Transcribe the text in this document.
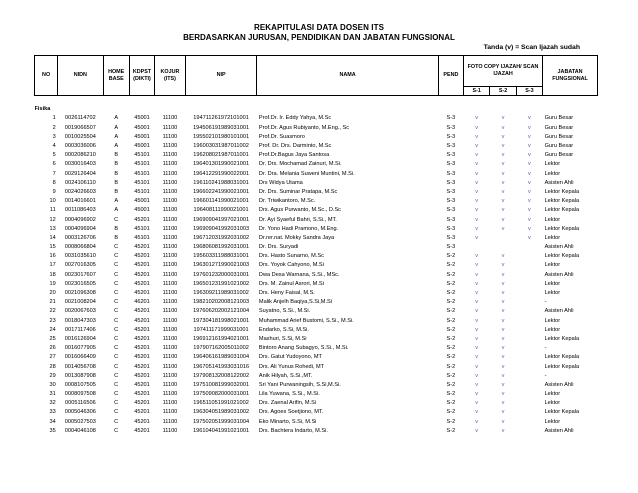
REKAPITULASI DATA DOSEN ITS
BERDASARKAN JURUSAN, PENDIDIKAN DAN JABATAN FUNGSIONAL
Tanda (v) = Scan Ijazah sudah
NO	NIDN	HOME BASE	KDPST (DIKTI)	KOJUR (ITS)	NIP	NAMA	PEND	FOTO COPY IJAZAH/ SCAN IJAZAH			JABATAN FUNGSIONAL
								S-1	S-2	S-3	

Fisika											
1	0026114702	A	45001	11100	194711261972101001	Prof.Dr. Ir. Eddy Yahya, M.Sc	S-3	v	v	v	Guru Besar
2	0019066507	A	45001	11100	194506191989031001	Prof.Dr. Agus Rubiyanto, M.Eng., Sc	S-3	v	v	v	Guru Besar
3	0010025504	A	45001	11100	195502101980101001	Prof.Dr. Suasmoro	S-3	v	v	v	Guru Besar
4	0003036006	A	45001	11100	196003031987011002	Prof. Dr. Drs. Darminto, M.Sc	S-3	v	v	v	Guru Besar
5	0002086210	B	45101	11100	196208021987011001	Prof.Dr.Bagus Jaya Santosa	S-3	v	v	v	Guru Besar
6	0030016403	B	45101	11100	196401301990021001	Dr. Drs. Mochamad Zainuri, M.Si.	S-3	v	v	v	Lektor
7	0029126404	B	45101	11100	196412291990022001	Dr. Dra. Melania Suweni Muntini, M.Si.	S-3	v	v	v	Lektor
8	0024106110	B	45101	11100	196110241988031001	Drs Widya Utama	S-3	v	v	v	Asisten Ahli
9	0024026603	B	45101	11100	196602241990021001	Dr. Drs. Suminar Pratapa, M.Sc	S-3	v	v	v	Lektor Kepala
10	0014016601	A	45001	11100	196601141990021001	Dr. Triwikantoro, M.Sc.	S-3	v	v	v	Lektor Kepala
11	0011086403	A	45001	11100	196408111990021001	Drs. Agus Purwanto, M.Sc., D.Sc	S-3	v	v	v	Lektor Kepala
12	0004096902	C	45201	11100	196909041997021001	Dr. Ayi Syaeful Bahri, S.Si., MT.	S-3	v	v	v	Lektor
13	0004096904	B	45101	11100	196909041992031003	Dr. Yono Hadi Pramono, M.Eng.	S-3	v	v	v	Lektor Kepala
14	0003126706	B	45101	11100	196712031992031002	Dr.rer.nat. Mokky Sandra Jaya	S-3	v		v	Lektor
15	0008066804	C	45201	11100	196806081992031001	Dr. Drs. Suryadi	S-3				Asisten Ahli
16	0031035610	C	45201	11100	195603311988031001	Drs. Hasto Sunarno, M.Sc	S-2	v	v		Lektor Kepala
17	0027016305	C	45201	11100	196301271990021003	Drs. Yoyok Cahyono, M.Si	S-2	v	v		Lektor
18	0023017607	C	45201	11100	197601232000031001	Dwa Desa Warnana, S.Si., MSc.	S-2	v	v		Asisten Ahli
19	0023016505	C	45201	11100	196501231991021002	Drs. M. Zainul Asrori, M.Si	S-2	v	v		Lektor
20	0021096308	C	45201	11100	196309211989031002	Drs. Heny Faisal, M.S.	S-2	v	v		Lektor
21	0021008204	C	46201	11100	198210202008121003	Malik Anjelh Baqiya,S.Si,M.Si	S-2	v	v		-
22	0020067603	C	45201	11100	197606202002121004	Suyatno, S.Si., M.Si.	S-2	v	v		Asisten Ahli
23	0018047303	C	45201	11100	197304181998021001	Muhammad Arief Bustomi, S.Si., M.Si.	S-2	v	v		Lektor
24	0017117406	C	45201	11100	197411171999031001	Endarko, S.Si, M.Si.	S-2	v	v		Lektor
25	0016126904	C	45201	11100	196912161994021001	Mashuri, S.Si, M.Si	S-2	v	v		Lektor Kepala
26	0016077905	C	45201	11100	197907162005011002	Bintoro Anang Subagyo, S.Si., M.Si.	S-2	v	v		-
27	0016066409	C	45201	11100	196406161989031004	Drs. Gatut Yudoyono, MT	S-2	v	v		Lektor Kepala
28	0014056708	C	45201	11100	196705141993031016	Drs. Ali Yunus Rohedi, MT	S-2	v	v		Lektor Kepala
29	0013087908	C	45201	11100	197908132008122002	Anik Hilyah, S.Si.,MT.	S-2	v	v		-
30	0008107505	C	45201	11100	197510081999032001	Sri Yani Purwaningsih, S.Si,M.Si.	S-2	v	v		Asisten Ahli
31	0008097508	C	45201	11100	197509082000031001	Lila Yuwana, S.Si., M.Si.	S-2	v	v		Lektor
32	0005116506	C	45201	11100	196511051991021002	Drs. Zaenal Arifin, M.Si	S-2	v	v		Lektor
33	0005046306	C	45201	11100	196304051989031002	Drs. Agoes Soetjiono, MT.	S-2	v	v		Lektor Kepala
34	0005027503	C	45201	11100	197502051999031004	Eko Minarto, S.Si, M.Si	S-2	v	v		Lektor
35	0004046108	C	45201	11100	196104041991021001	Drs. Bachtera Indarto, M.Si.	S-2	v	v		Asisten Ahli
